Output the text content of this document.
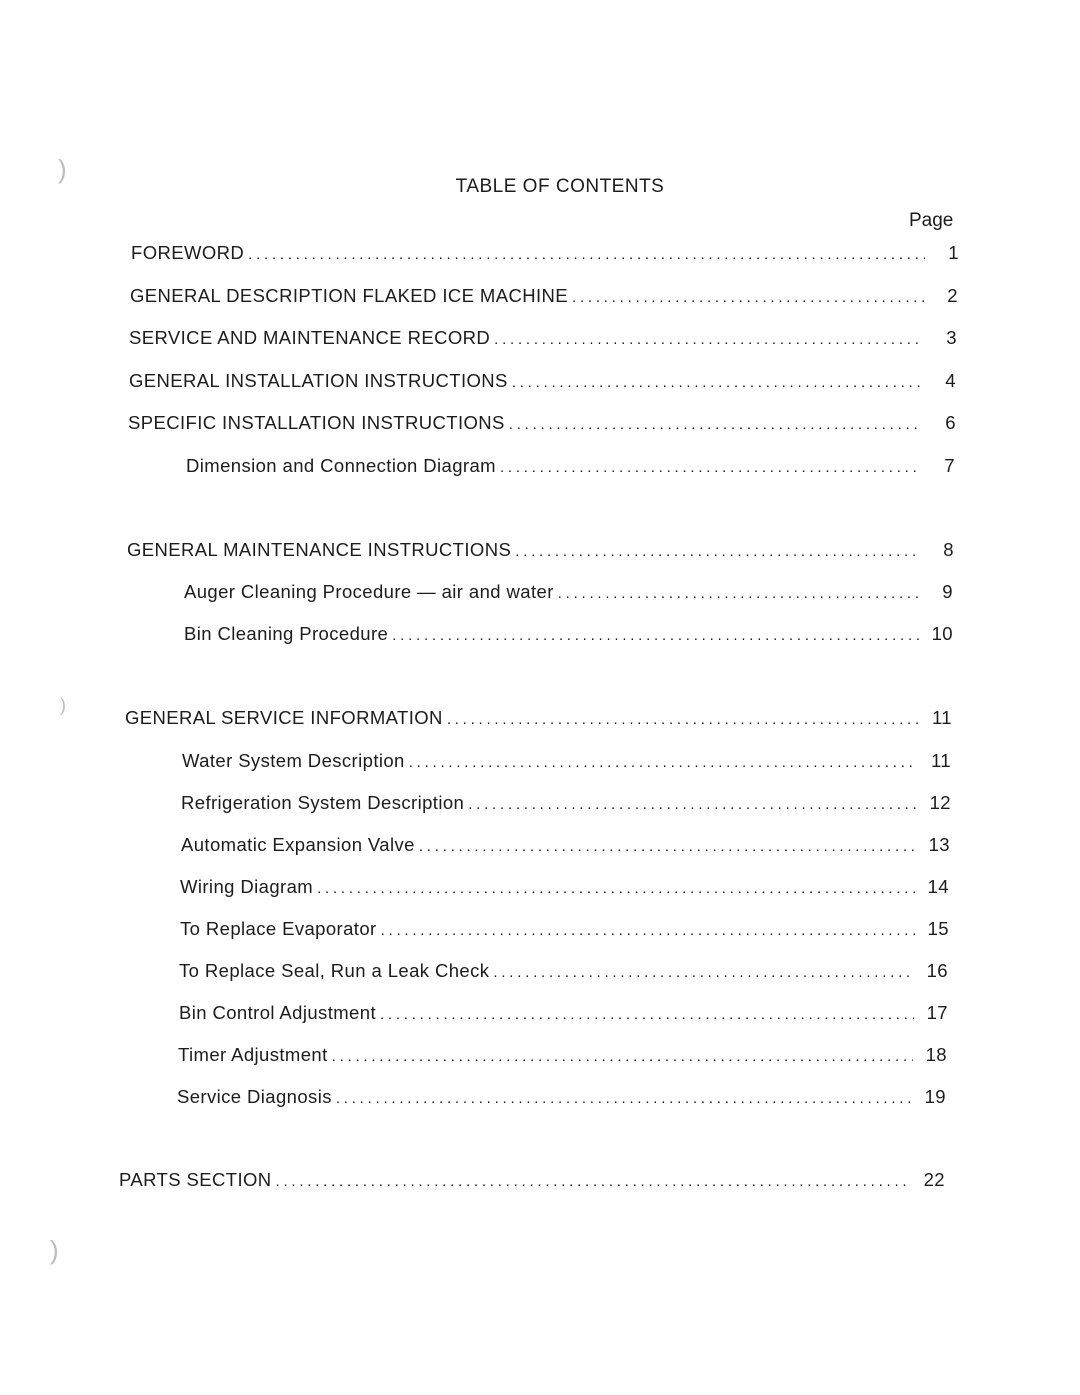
)
)
)
TABLE OF CONTENTS
Page
FOREWORD . . .	1
GENERAL DESCRIPTION FLAKED ICE MACHINE . . .	2
SERVICE AND MAINTENANCE RECORD . . .	3
GENERAL INSTALLATION INSTRUCTIONS . . .	4
SPECIFIC INSTALLATION INSTRUCTIONS . . .	6
Dimension and Connection Diagram . . .	7
GENERAL MAINTENANCE INSTRUCTIONS . . .	8
Auger Cleaning Procedure — air and water . . .	9
Bin Cleaning Procedure . . .	10
GENERAL SERVICE INFORMATION . . .	11
Water System Description . . .	11
Refrigeration System Description . . .	12
Automatic Expansion Valve . . .	13
Wiring Diagram . . .	14
To Replace Evaporator . . .	15
To Replace Seal, Run a Leak Check . . .	16
Bin Control Adjustment . . .	17
Timer Adjustment . . .	18
Service Diagnosis . . .	19
PARTS SECTION . . .	22
